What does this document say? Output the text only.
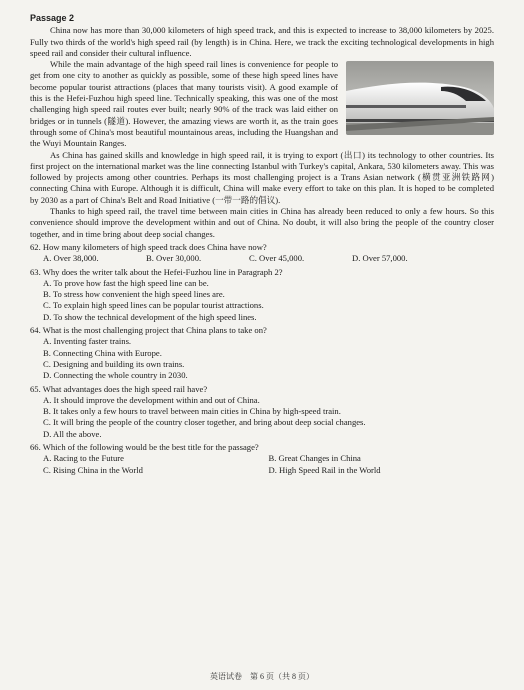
Passage 2

China now has more than 30,000 kilometers of high speed track, and this is expected to increase to 38,000 kilometers by 2025. Fully two thirds of the world's high speed rail (by length) is in China. Here, we track the exciting technological developments in high speed rail and consider their cultural influence.

While the main advantage of the high speed rail lines is convenience for people to get from one city to another as quickly as possible, some of these high speed lines have become popular tourist attractions (places that many tourists visit). A good example of this is the Hefei-Fuzhou high speed line. Technically speaking, this was one of the most challenging high speed rail routes ever built; nearly 90% of the track was laid either on bridges or in tunnels (隧道). However, the amazing views are worth it, as the train goes through some of China's most beautiful mountainous areas, including the Huangshan and the Wuyi Mountain Ranges.

As China has gained skills and knowledge in high speed rail, it is trying to export (出口) its technology to other countries. Its first project on the international market was the line connecting Istanbul with Turkey's capital, Ankara, 530 kilometers away. This was followed by projects among other countries. Perhaps its most challenging project is a Trans Asian network (横贯亚洲铁路网) connecting China with Europe. Although it is difficult, China will make every effort to take on this plan. It is hoped to be completed by 2030 as a part of China's Belt and Road Initiative (一带一路的倡议).

Thanks to high speed rail, the travel time between main cities in China has already been reduced to only a few hours. So this convenience should improve the development within and out of China. No doubt, it will also bring the people of the country closer together, and in time bring about deep social changes.

62. How many kilometers of high speed track does China have now?
A. Over 38,000.	B. Over 30,000.	C. Over 45,000.	D. Over 57,000.
63. Why does the writer talk about the Hefei-Fuzhou line in Paragraph 2?
A. To prove how fast the high speed line can be.
B. To stress how convenient the high speed lines are.
C. To explain high speed lines can be popular tourist attractions.
D. To show the technical development of the high speed lines.
64. What is the most challenging project that China plans to take on?
A. Inventing faster trains.
B. Connecting China with Europe.
C. Designing and building its own trains.
D. Connecting the whole country in 2030.
65. What advantages does the high speed rail have?
A. It should improve the development within and out of China.
B. It takes only a few hours to travel between main cities in China by high-speed train.
C. It will bring the people of the country closer together, and bring about deep social changes.
D. All the above.
66. Which of the following would be the best title for the passage?
A. Racing to the Future	B. Great Changes in China
C. Rising China in the World	D. High Speed Rail in the World
英语试卷　第 6 页（共 8 页）
